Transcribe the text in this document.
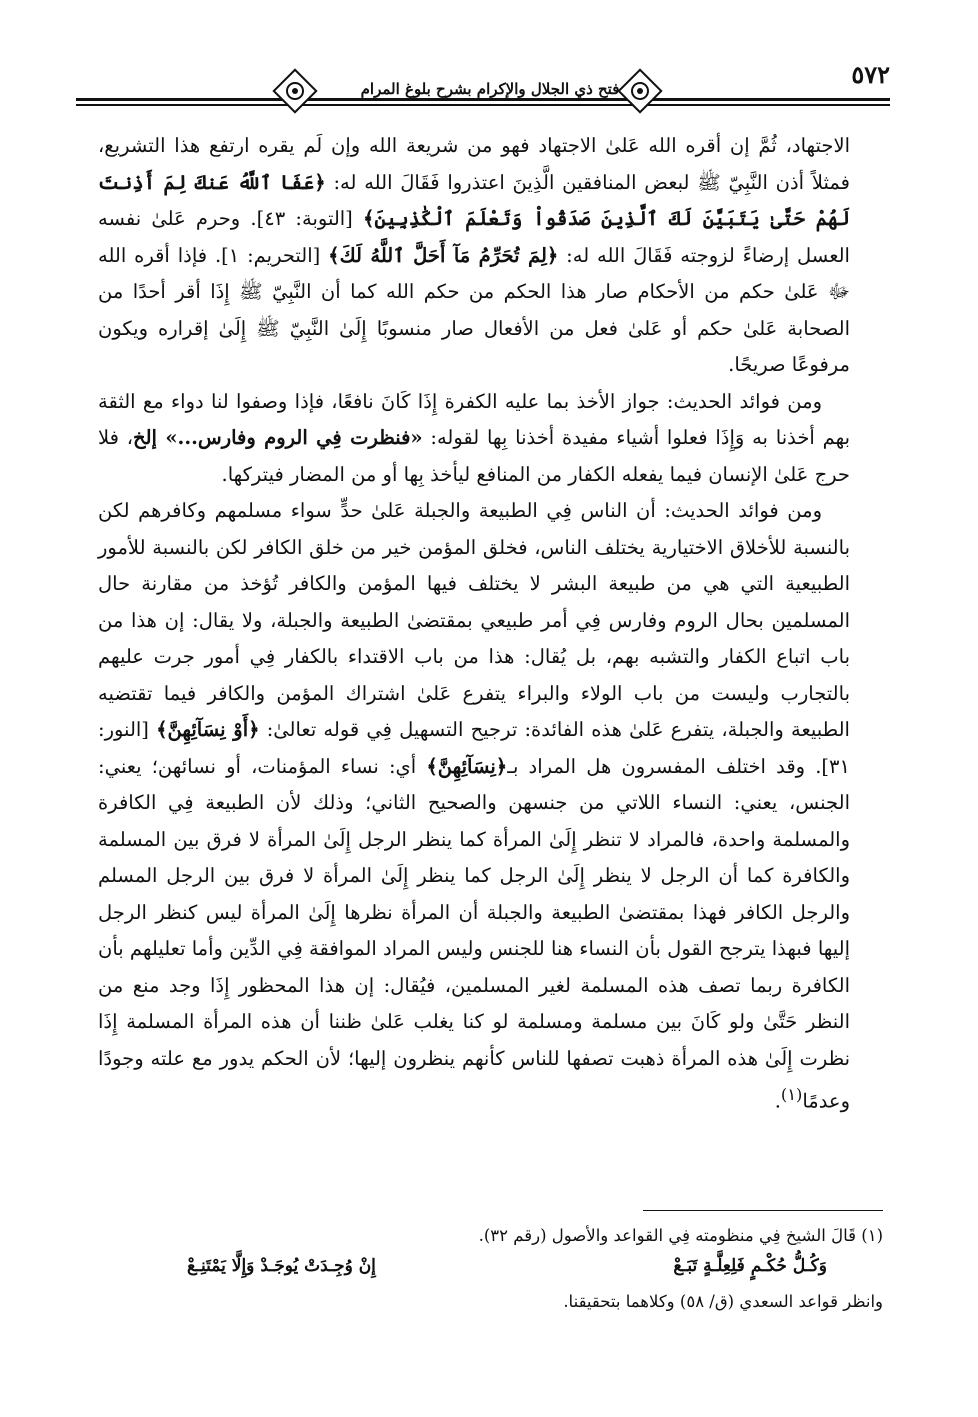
فتح ذي الجلال والإكرام بشرح بلوغ المرام	٥٧٢

الاجتهاد، ثُمَّ إن أقره الله عَلىٰ الاجتهاد فهو من شريعة الله وإن لَم يقره ارتفع هذا التشريع، فمثلاً أذن النَّبِيّ ﷺ لبعض المنافقين الَّذِينَ اعتذروا فَقَالَ الله له: ﴿عَفَا ٱللَّهُ عَنكَ لِمَ أَذِنتَ لَهُمْ حَتَّىٰ يَتَبَيَّنَ لَكَ ٱلَّذِينَ صَدَقُواْ وَتَعْلَمَ ٱلْكَٰذِبِينَ﴾ [التوبة: ٤٣]. وحرم عَلىٰ نفسه العسل إرضاءً لزوجته فَقَالَ الله له: ﴿لِمَ تُحَرِّمُ مَآ أَحَلَّ ٱللَّهُ لَكَ﴾ [التحريم: ١]. فإذا أقره الله ﷻ عَلىٰ حكم من الأحكام صار هذا الحكم من حكم الله كما أن النَّبِيّ ﷺ إِذَا أقر أحدًا من الصحابة عَلىٰ حكم أو عَلىٰ فعل من الأفعال صار منسوبًا إِلَىٰ النَّبِيّ ﷺ إِلَىٰ إقراره ويكون مرفوعًا صريحًا.

ومن فوائد الحديث: جواز الأخذ بما عليه الكفرة إِذَا كَانَ نافعًا، فإذا وصفوا لنا دواء مع الثقة بهم أخذنا به وَإِذَا فعلوا أشياء مفيدة أخذنا بِها لقوله: «فنظرت فِي الروم وفارس...» إلخ، فلا حرج عَلىٰ الإنسان فيما يفعله الكفار من المنافع ليأخذ بِها أو من المضار فيتركها.

ومن فوائد الحديث: أن الناس فِي الطبيعة والجبلة عَلىٰ حدٍّ سواء مسلمهم وكافرهم لكن بالنسبة للأخلاق الاختيارية يختلف الناس، فخلق المؤمن خير من خلق الكافر لكن بالنسبة للأمور الطبيعية التي هي من طبيعة البشر لا يختلف فيها المؤمن والكافر تُؤخذ من مقارنة حال المسلمين بحال الروم وفارس فِي أمر طبيعي بمقتضىٰ الطبيعة والجبلة، ولا يقال: إن هذا من باب اتباع الكفار والتشبه بهم، بل يُقال: هذا من باب الاقتداء بالكفار فِي أمور جرت عليهم بالتجارب وليست من باب الولاء والبراء يتفرع عَلىٰ اشتراك المؤمن والكافر فيما تقتضيه الطبيعة والجبلة، يتفرع عَلىٰ هذه الفائدة: ترجيح التسهيل فِي قوله تعالىٰ: ﴿أَوْ نِسَآئِهِنَّ﴾ [النور: ٣١]. وقد اختلف المفسرون هل المراد بـ﴿نِسَآئِهِنَّ﴾ أي: نساء المؤمنات، أو نسائهن؛ يعني: الجنس، يعني: النساء اللاتي من جنسهن والصحيح الثاني؛ وذلك لأن الطبيعة فِي الكافرة والمسلمة واحدة، فالمراد لا تنظر إِلَىٰ المرأة كما ينظر الرجل إِلَىٰ المرأة لا فرق بين المسلمة والكافرة كما أن الرجل لا ينظر إِلَىٰ الرجل كما ينظر إِلَىٰ المرأة لا فرق بين الرجل المسلم والرجل الكافر فهذا بمقتضىٰ الطبيعة والجبلة أن المرأة نظرها إِلَىٰ المرأة ليس كنظر الرجل إليها فبهذا يترجح القول بأن النساء هنا للجنس وليس المراد الموافقة فِي الدِّين وأما تعليلهم بأن الكافرة ربما تصف هذه المسلمة لغير المسلمين، فيُقال: إن هذا المحظور إِذَا وجد منع من النظر حَتَّىٰ ولو كَانَ بين مسلمة ومسلمة لو كنا يغلب عَلىٰ ظننا أن هذه المرأة المسلمة إِذَا نظرت إِلَىٰ هذه المرأة ذهبت تصفها للناس كأنهم ينظرون إليها؛ لأن الحكم يدور مع علته وجودًا وعدمًا$^{(١)}$.

(١) قَالَ الشيخ فِي منظومته فِي القواعد والأصول (رقم ٣٢).

وَكُـلُّ حُكْـمٍ فَلِعِلَّـةٍ تَبَـعْ
إِنْ وُجِـدَتْ يُوجَـدْ وَإِلَّا يَمْتَنِـعْ

وانظر قواعد السعدي (ق/ ٥٨) وكلاهما بتحقيقنا.
